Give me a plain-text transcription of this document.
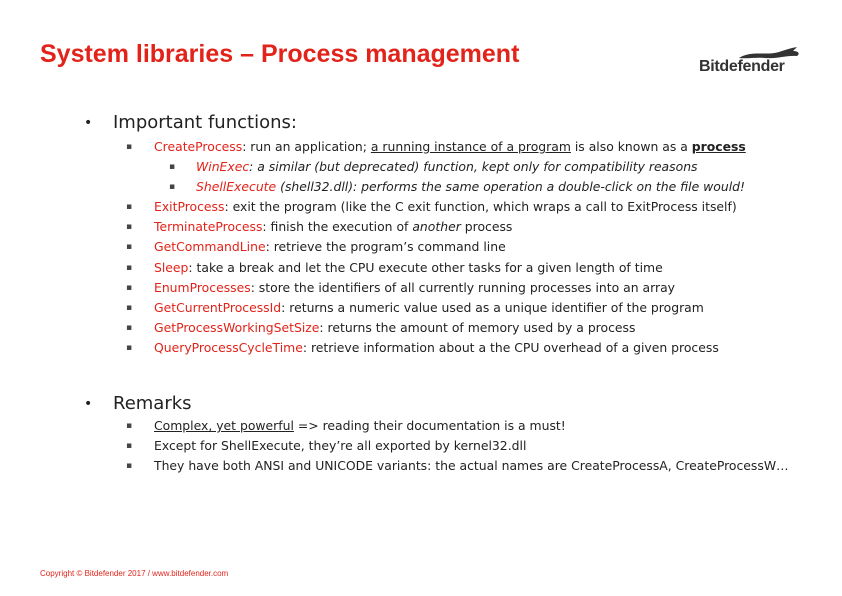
System libraries – Process management	Bitdefender
• Important functions:
▪ CreateProcess: run an application; a running instance of a program is also known as a process
▪ WinExec: a similar (but deprecated) function, kept only for compatibility reasons
▪ ShellExecute (shell32.dll): performs the same operation a double-click on the file would!
▪ ExitProcess: exit the program (like the C exit function, which wraps a call to ExitProcess itself)
▪ TerminateProcess: finish the execution of another process
▪ GetCommandLine: retrieve the program’s command line
▪ Sleep: take a break and let the CPU execute other tasks for a given length of time
▪ EnumProcesses: store the identifiers of all currently running processes into an array
▪ GetCurrentProcessId: returns a numeric value used as a unique identifier of the program
▪ GetProcessWorkingSetSize: returns the amount of memory used by a process
▪ QueryProcessCycleTime: retrieve information about a the CPU overhead of a given process
• Remarks
▪ Complex, yet powerful => reading their documentation is a must!
▪ Except for ShellExecute, they’re all exported by kernel32.dll
▪ They have both ANSI and UNICODE variants: the actual names are CreateProcessA, CreateProcessW…
Copyright © Bitdefender 2017 / www.bitdefender.com
